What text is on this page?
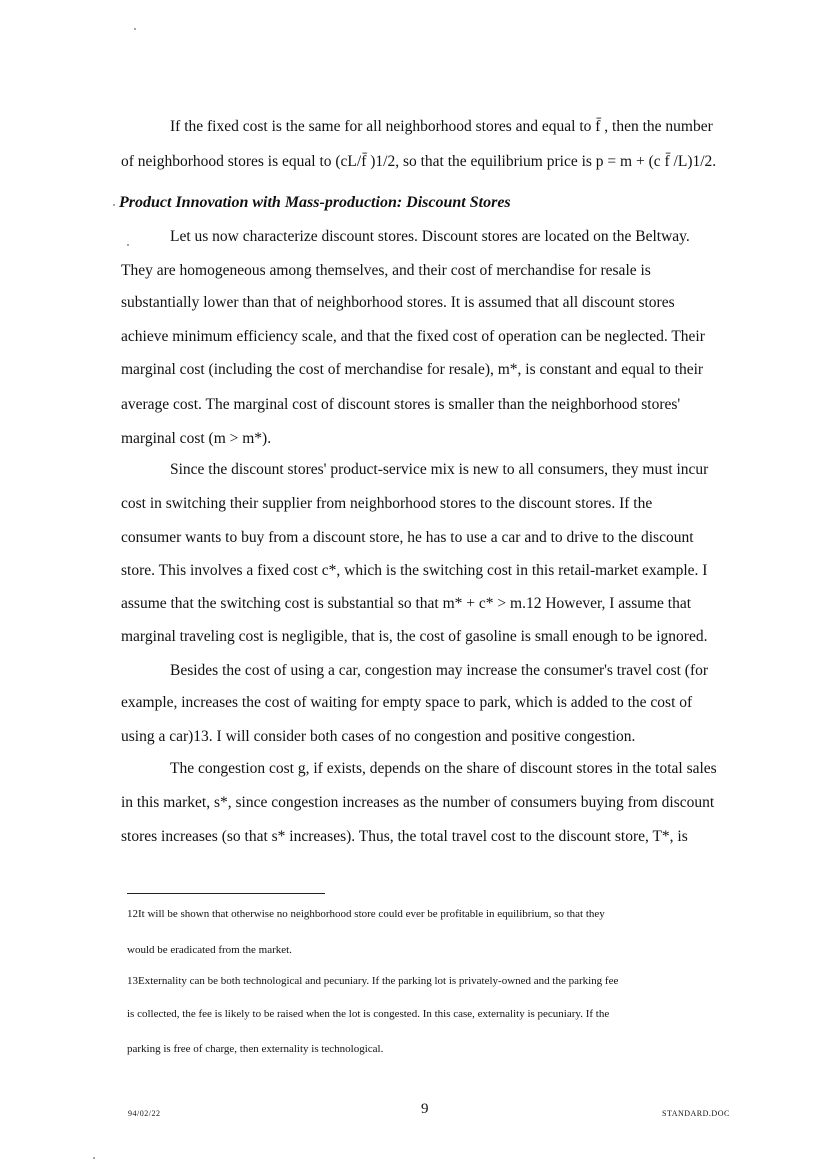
If the fixed cost is the same for all neighborhood stores and equal to f̄ , then the number
of neighborhood stores is equal to (cL/f̄ )1/2, so that the equilibrium price is p = m + (c f̄ /L)1/2.
Product Innovation with Mass-production: Discount Stores
Let us now characterize discount stores. Discount stores are located on the Beltway.
They are homogeneous among themselves, and their cost of merchandise for resale is
substantially lower than that of neighborhood stores. It is assumed that all discount stores
achieve minimum efficiency scale, and that the fixed cost of operation can be neglected. Their
marginal cost (including the cost of merchandise for resale), m*, is constant and equal to their
average cost. The marginal cost of discount stores is smaller than the neighborhood stores'
marginal cost (m > m*).
Since the discount stores' product-service mix is new to all consumers, they must incur
cost in switching their supplier from neighborhood stores to the discount stores. If the
consumer wants to buy from a discount store, he has to use a car and to drive to the discount
store. This involves a fixed cost c*, which is the switching cost in this retail-market example. I
assume that the switching cost is substantial so that m* + c* > m.12 However, I assume that
marginal traveling cost is negligible, that is, the cost of gasoline is small enough to be ignored.
Besides the cost of using a car, congestion may increase the consumer's travel cost (for
example, increases the cost of waiting for empty space to park, which is added to the cost of
using a car)13. I will consider both cases of no congestion and positive congestion.
The congestion cost g, if exists, depends on the share of discount stores in the total sales
in this market, s*, since congestion increases as the number of consumers buying from discount
stores increases (so that s* increases). Thus, the total travel cost to the discount store, T*, is
12It will be shown that otherwise no neighborhood store could ever be profitable in equilibrium, so that they
would be eradicated from the market.
13Externality can be both technological and pecuniary. If the parking lot is privately-owned and the parking fee
is collected, the fee is likely to be raised when the lot is congested. In this case, externality is pecuniary. If the
parking is free of charge, then externality is technological.
94/02/22	9	STANDARD.DOC
